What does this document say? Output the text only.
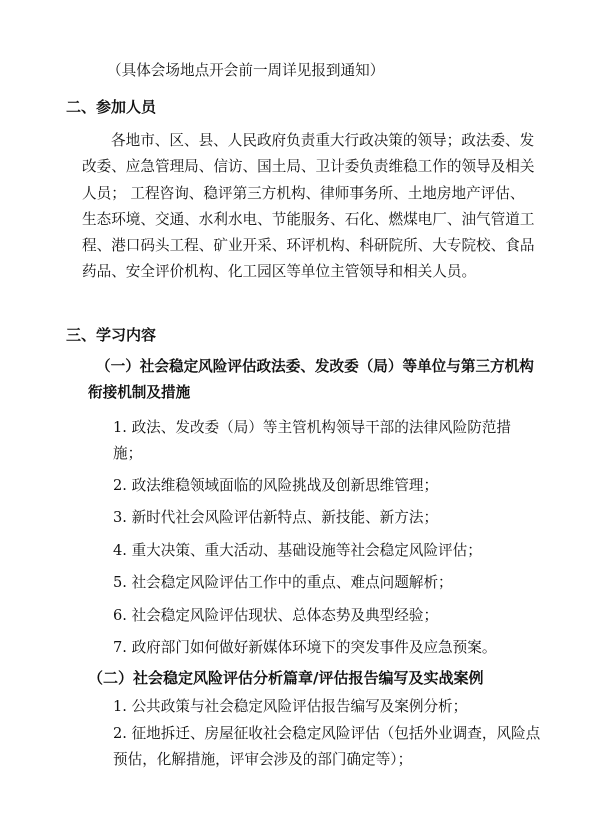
（具体会场地点开会前一周详见报到通知）
二、参加人员
各地市、区、县、人民政府负责重大行政决策的领导；政法委、发改委、应急管理局、信访、国土局、卫计委负责维稳工作的领导及相关人员； 工程咨询、稳评第三方机构、律师事务所、土地房地产评估、生态环境、交通、水利水电、节能服务、石化、燃煤电厂、油气管道工程、港口码头工程、矿业开采、环评机构、科研院所、大专院校、食品药品、安全评价机构、化工园区等单位主管领导和相关人员。
三、学习内容
（一）社会稳定风险评估政法委、发改委（局）等单位与第三方机构衔接机制及措施
1. 政法、发改委（局）等主管机构领导干部的法律风险防范措施；
2. 政法维稳领域面临的风险挑战及创新思维管理；
3. 新时代社会风险评估新特点、新技能、新方法；
4. 重大决策、重大活动、基础设施等社会稳定风险评估；
5. 社会稳定风险评估工作中的重点、难点问题解析；
6. 社会稳定风险评估现状、总体态势及典型经验；
7. 政府部门如何做好新媒体环境下的突发事件及应急预案。
（二）社会稳定风险评估分析篇章/评估报告编写及实战案例
1. 公共政策与社会稳定风险评估报告编写及案例分析；
2. 征地拆迁、房屋征收社会稳定风险评估（包括外业调查，风险点预估，化解措施，评审会涉及的部门确定等）；
